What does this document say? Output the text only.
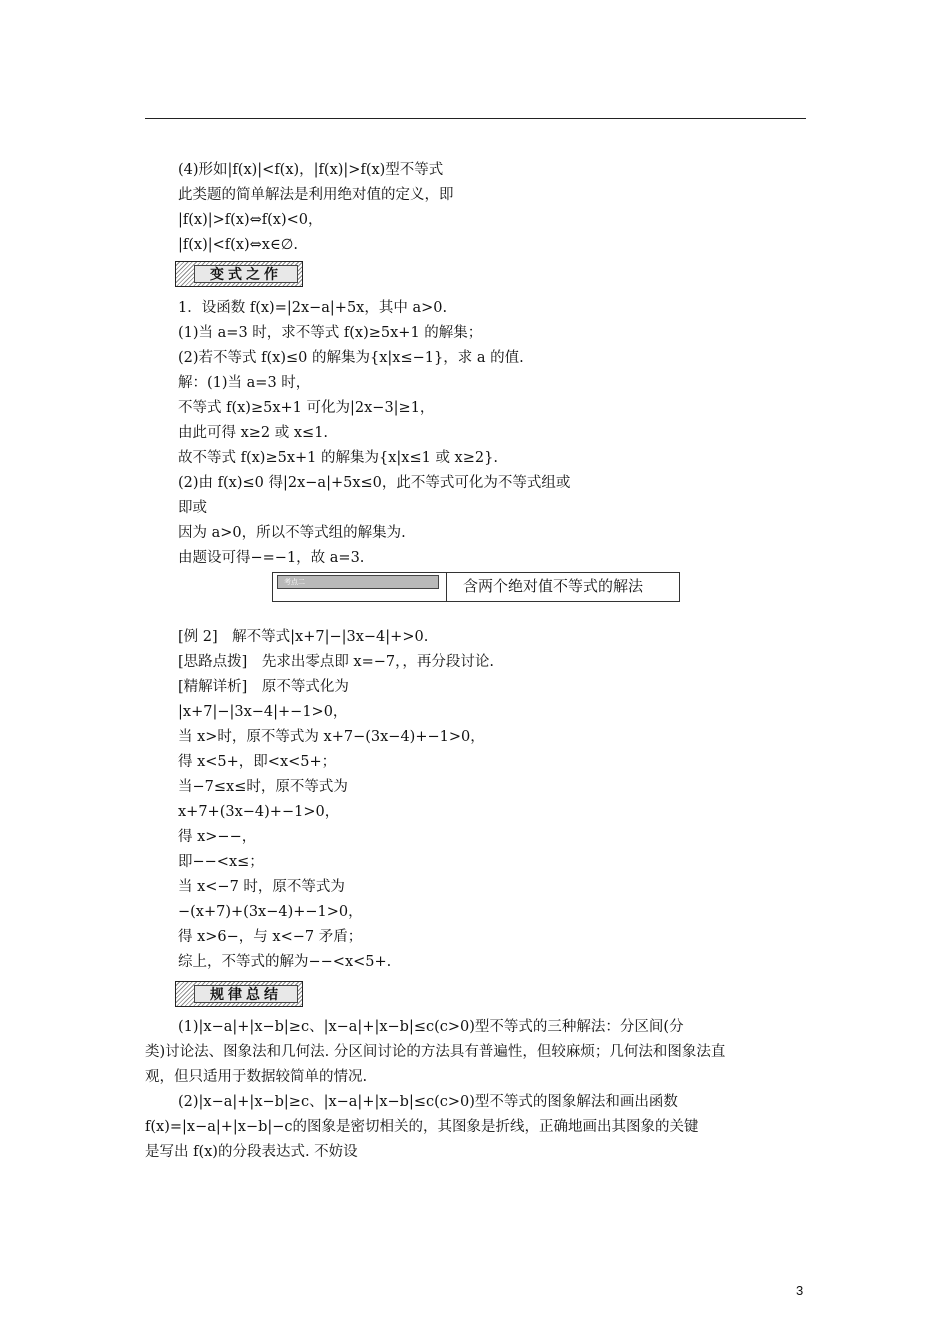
(4)形如|f(x)|<f(x)，|f(x)|>f(x)型不等式
此类题的简单解法是利用绝对值的定义，即
|f(x)|>f(x)⇔f(x)<0，
|f(x)|<f(x)⇔x∈∅.
变式之作
1．设函数 f(x)=|2x−a|+5x，其中 a>0.
(1)当 a=3 时，求不等式 f(x)≥5x+1 的解集；
(2)若不等式 f(x)≤0 的解集为{x|x≤−1}，求 a 的值.
解：(1)当 a=3 时，
不等式 f(x)≥5x+1 可化为|2x−3|≥1，
由此可得 x≥2 或 x≤1.
故不等式 f(x)≥5x+1 的解集为{x|x≤1 或 x≥2}.
(2)由 f(x)≤0 得|2x−a|+5x≤0，此不等式可化为不等式组或
即或
因为 a>0，所以不等式组的解集为.
由题设可得−=−1，故 a=3.
考点二	含两个绝对值不等式的解法
[例 2]　解不等式|x+7|−|3x−4|+>0.
[思路点拨]　先求出零点即 x=−7，，再分段讨论.
[精解详析]　原不等式化为
|x+7|−|3x−4|+−1>0，
当 x>时，原不等式为 x+7−(3x−4)+−1>0，
得 x<5+，即<x<5+；
当−7≤x≤时，原不等式为
x+7+(3x−4)+−1>0，
得 x>−−，
即−−<x≤；
当 x<−7 时，原不等式为
−(x+7)+(3x−4)+−1>0，
得 x>6−，与 x<−7 矛盾；
综上，不等式的解为−−<x<5+.
规律总结
(1)|x−a|+|x−b|≥c、|x−a|+|x−b|≤c(c>0)型不等式的三种解法：分区间(分
类)讨论法、图象法和几何法. 分区间讨论的方法具有普遍性，但较麻烦；几何法和图象法直
观，但只适用于数据较简单的情况.
(2)|x−a|+|x−b|≥c、|x−a|+|x−b|≤c(c>0)型不等式的图象解法和画出函数
f(x)=|x−a|+|x−b|−c的图象是密切相关的，其图象是折线，正确地画出其图象的关键
是写出 f(x)的分段表达式. 不妨设
3
